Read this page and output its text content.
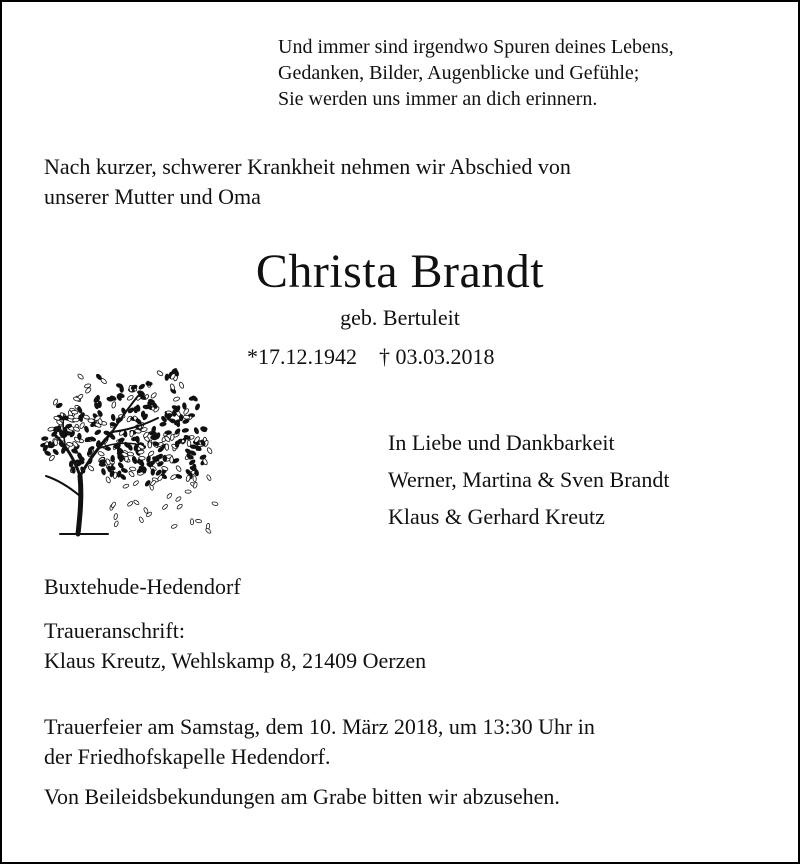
Und immer sind irgendwo Spuren deines Lebens,
Gedanken, Bilder, Augenblicke und Gefühle;
Sie werden uns immer an dich erinnern.
Nach kurzer, schwerer Krankheit nehmen wir Abschied von
unserer Mutter und Oma
Christa Brandt
geb. Bertuleit
*17.12.1942 † 03.03.2018
In Liebe und Dankbarkeit
Werner, Martina & Sven Brandt
Klaus & Gerhard Kreutz
Buxtehude-Hedendorf
Traueranschrift:
Klaus Kreutz, Wehlskamp 8, 21409 Oerzen
Trauerfeier am Samstag, dem 10. März 2018, um 13:30 Uhr in
der Friedhofskapelle Hedendorf.
Von Beileidsbekundungen am Grabe bitten wir abzusehen.
